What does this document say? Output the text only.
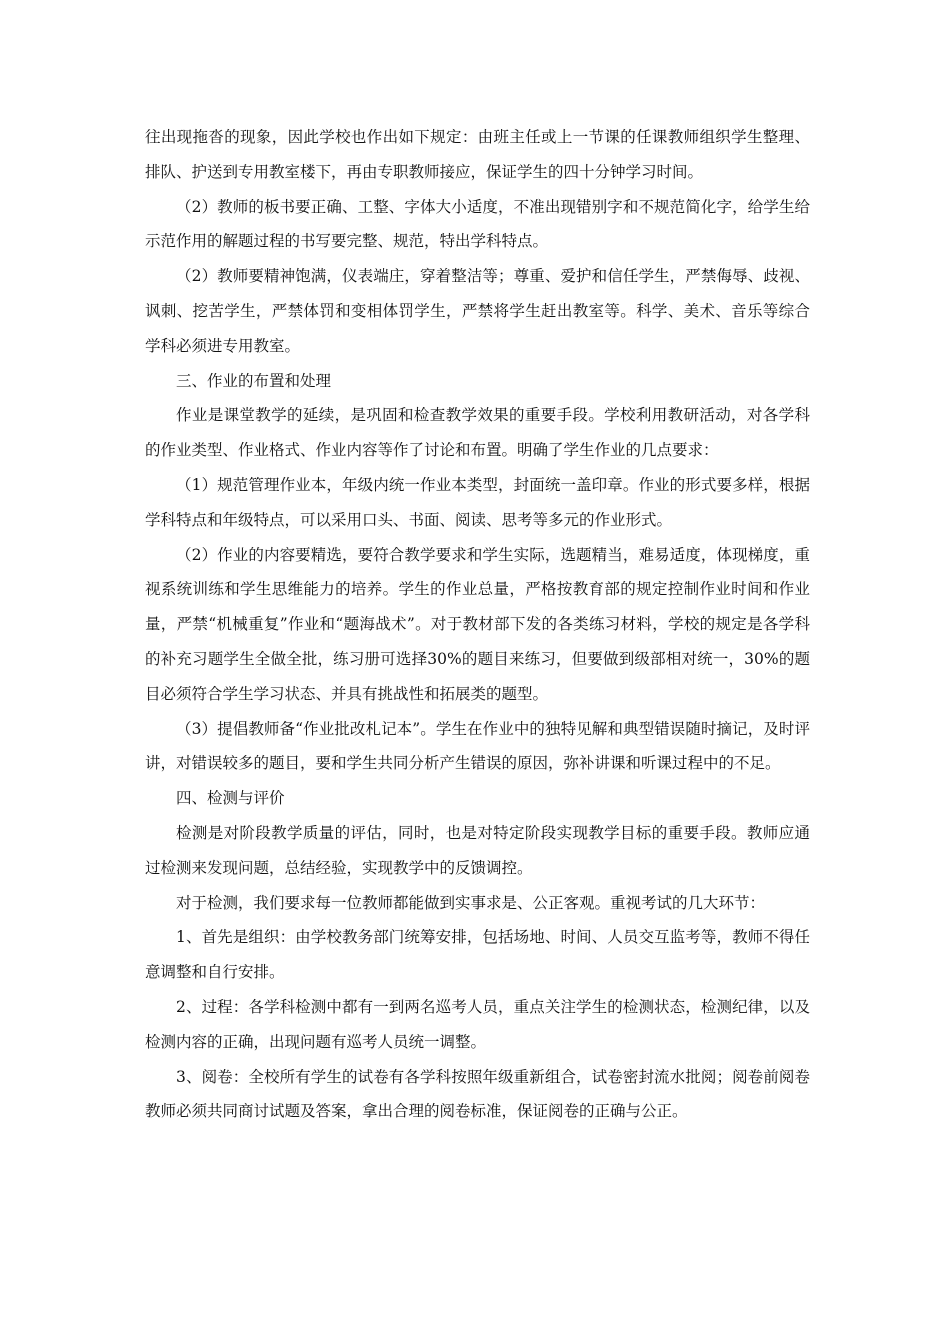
往出现拖沓的现象，因此学校也作出如下规定：由班主任或上一节课的任课教师组织学生整理、排队、护送到专用教室楼下，再由专职教师接应，保证学生的四十分钟学习时间。

（2）教师的板书要正确、工整、字体大小适度，不准出现错别字和不规范简化字，给学生给示范作用的解题过程的书写要完整、规范，特出学科特点。

（2）教师要精神饱满，仪表端庄，穿着整洁等；尊重、爱护和信任学生，严禁侮辱、歧视、讽刺、挖苦学生，严禁体罚和变相体罚学生，严禁将学生赶出教室等。科学、美术、音乐等综合学科必须进专用教室。

三、作业的布置和处理

作业是课堂教学的延续，是巩固和检查教学效果的重要手段。学校利用教研活动，对各学科的作业类型、作业格式、作业内容等作了讨论和布置。明确了学生作业的几点要求：

（1）规范管理作业本，年级内统一作业本类型，封面统一盖印章。作业的形式要多样，根据学科特点和年级特点，可以采用口头、书面、阅读、思考等多元的作业形式。

（2）作业的内容要精选，要符合教学要求和学生实际，选题精当，难易适度，体现梯度，重视系统训练和学生思维能力的培养。学生的作业总量，严格按教育部的规定控制作业时间和作业量，严禁“机械重复”作业和“题海战术”。对于教材部下发的各类练习材料，学校的规定是各学科的补充习题学生全做全批，练习册可选择30%的题目来练习，但要做到级部相对统一，30%的题目必须符合学生学习状态、并具有挑战性和拓展类的题型。

（3）提倡教师备“作业批改札记本”。学生在作业中的独特见解和典型错误随时摘记，及时评讲，对错误较多的题目，要和学生共同分析产生错误的原因，弥补讲课和听课过程中的不足。

四、检测与评价

检测是对阶段教学质量的评估，同时，也是对特定阶段实现教学目标的重要手段。教师应通过检测来发现问题，总结经验，实现教学中的反馈调控。

对于检测，我们要求每一位教师都能做到实事求是、公正客观。重视考试的几大环节：

1、首先是组织：由学校教务部门统筹安排，包括场地、时间、人员交互监考等，教师不得任意调整和自行安排。

2、过程：各学科检测中都有一到两名巡考人员，重点关注学生的检测状态，检测纪律，以及检测内容的正确，出现问题有巡考人员统一调整。

3、阅卷：全校所有学生的试卷有各学科按照年级重新组合，试卷密封流水批阅；阅卷前阅卷教师必须共同商讨试题及答案，拿出合理的阅卷标准，保证阅卷的正确与公正。
